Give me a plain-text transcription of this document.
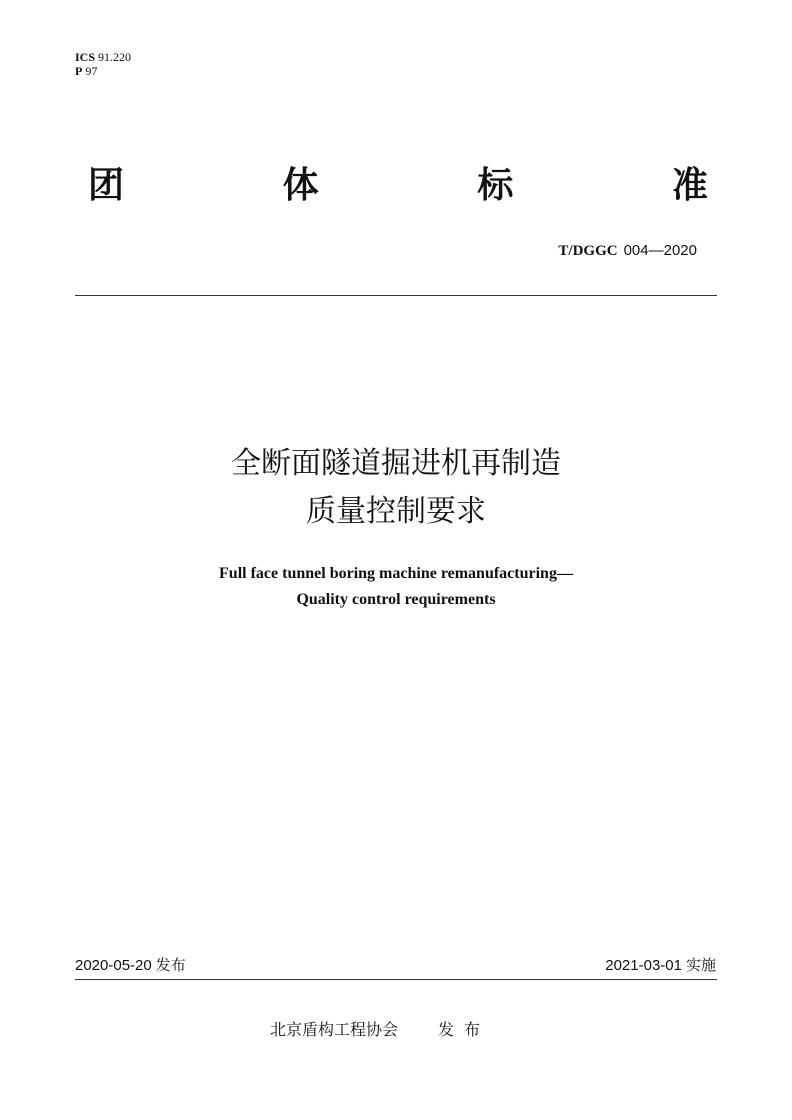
ICS 91.220
P 97
团	体	标	准
T/DGGC 004—2020
全断面隧道掘进机再制造
质量控制要求
Full face tunnel boring machine remanufacturing—
Quality control requirements
2020-05-20 发布	2021-03-01 实施
北京盾构工程协会	发布
